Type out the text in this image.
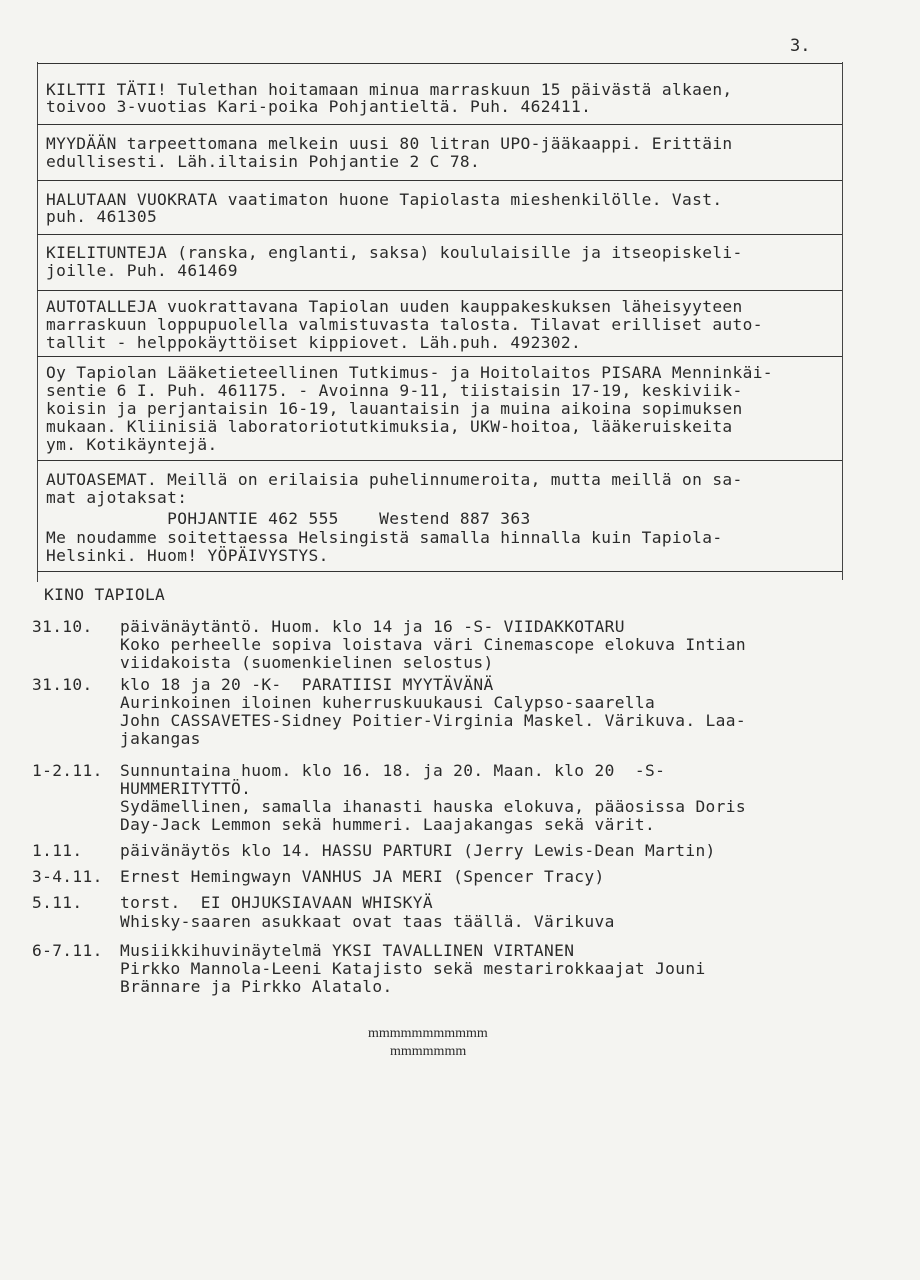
3.
KILTTI TÄTI! Tulethan hoitamaan minua marraskuun 15 päivästä alkaen,
toivoo 3-vuotias Kari-poika Pohjantieltä. Puh. 462411.
MYYDÄÄN tarpeettomana melkein uusi 80 litran UPO-jääkaappi. Erittäin
edullisesti. Läh.iltaisin Pohjantie 2 C 78.
HALUTAAN VUOKRATA vaatimaton huone Tapiolasta mieshenkilölle. Vast.
puh. 461305
KIELITUNTEJA (ranska, englanti, saksa) koululaisille ja itseopiskeli-
joille. Puh. 461469
AUTOTALLEJA vuokrattavana Tapiolan uuden kauppakeskuksen läheisyyteen
marraskuun loppupuolella valmistuvasta talosta. Tilavat erilliset auto-
tallit - helppokäyttöiset kippiovet. Läh.puh. 492302.
Oy Tapiolan Lääketieteellinen Tutkimus- ja Hoitolaitos PISARA Menninkäi-
sentie 6 I. Puh. 461175. - Avoinna 9-11, tiistaisin 17-19, keskiviik-
koisin ja perjantaisin 16-19, lauantaisin ja muina aikoina sopimuksen
mukaan. Kliinisiä laboratoriotutkimuksia, UKW-hoitoa, lääkeruiskeita
ym. Kotikäyntejä.
AUTOASEMAT. Meillä on erilaisia puhelinnumeroita, mutta meillä on sa-
mat ajotaksat:
POHJANTIE 462 555    Westend 887 363
Me noudamme soitettaessa Helsingistä samalla hinnalla kuin Tapiola-
Helsinki. Huom! YÖPÄIVYSTYS.
KINO TAPIOLA
31.10. päivänäytäntö. Huom. klo 14 ja 16 -S- VIIDAKKOTARU
Koko perheelle sopiva loistava väri Cinemascope elokuva Intian
viidakoista (suomenkielinen selostus)
31.10. klo 18 ja 20 -K-  PARATIISI MYYTÄVÄNÄ
Aurinkoinen iloinen kuherruskuukausi Calypso-saarella
John CASSAVETES-Sidney Poitier-Virginia Maskel. Värikuva. Laa-
jakangas
1-2.11. Sunnuntaina huom. klo 16. 18. ja 20. Maan. klo 20  -S-
HUMMERITYTTÖ.
Sydämellinen, samalla ihanasti hauska elokuva, pääosissa Doris
Day-Jack Lemmon sekä hummeri. Laajakangas sekä värit.
1.11. päivänäytös klo 14. HASSU PARTURI (Jerry Lewis-Dean Martin)
3-4.11. Ernest Hemingwayn VANHUS JA MERI (Spencer Tracy)
5.11. torst.  EI OHJUKSIAVAAN WHISKYÄ
Whisky-saaren asukkaat ovat taas täällä. Värikuva
6-7.11. Musiikkihuvinäytelmä YKSI TAVALLINEN VIRTANEN
Pirkko Mannola-Leeni Katajisto sekä mestarirokkaajat Jouni
Brännare ja Pirkko Alatalo.
mmmmmmmmmmm
mmmmmmm
